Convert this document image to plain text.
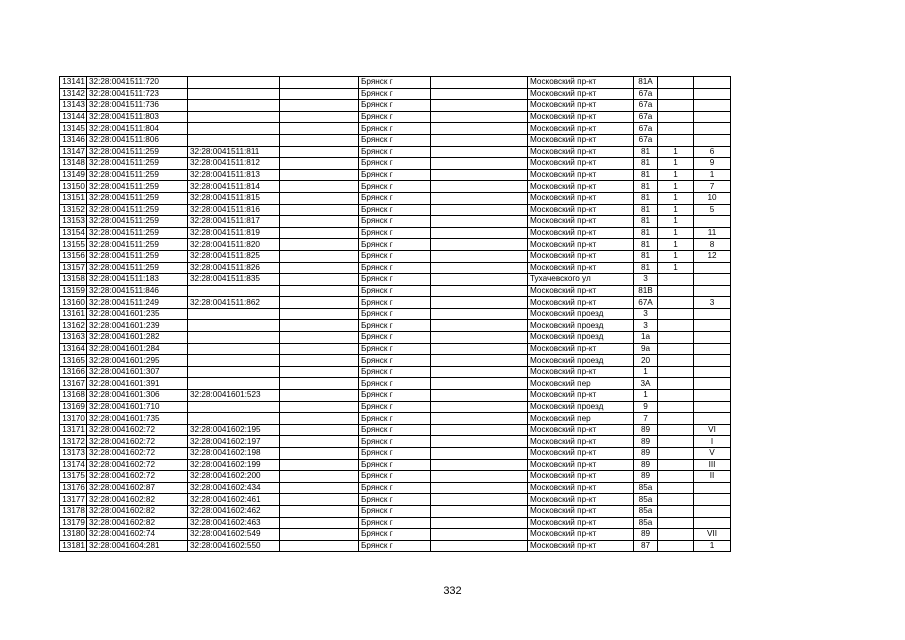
13141	32:28:0041511:720			Брянск г		Московский пр-кт	81А		
13142	32:28:0041511:723			Брянск г		Московский пр-кт	67а		
13143	32:28:0041511:736			Брянск г		Московский пр-кт	67а		
13144	32:28:0041511:803			Брянск г		Московский пр-кт	67а		
13145	32:28:0041511:804			Брянск г		Московский пр-кт	67а		
13146	32:28:0041511:806			Брянск г		Московский пр-кт	67а		
13147	32:28:0041511:259	32:28:0041511:811		Брянск г		Московский пр-кт	81	1	6
13148	32:28:0041511:259	32:28:0041511:812		Брянск г		Московский пр-кт	81	1	9
13149	32:28:0041511:259	32:28:0041511:813		Брянск г		Московский пр-кт	81	1	1
13150	32:28:0041511:259	32:28:0041511:814		Брянск г		Московский пр-кт	81	1	7
13151	32:28:0041511:259	32:28:0041511:815		Брянск г		Московский пр-кт	81	1	10
13152	32:28:0041511:259	32:28:0041511:816		Брянск г		Московский пр-кт	81	1	5
13153	32:28:0041511:259	32:28:0041511:817		Брянск г		Московский пр-кт	81	1	
13154	32:28:0041511:259	32:28:0041511:819		Брянск г		Московский пр-кт	81	1	11
13155	32:28:0041511:259	32:28:0041511:820		Брянск г		Московский пр-кт	81	1	8
13156	32:28:0041511:259	32:28:0041511:825		Брянск г		Московский пр-кт	81	1	12
13157	32:28:0041511:259	32:28:0041511:826		Брянск г		Московский пр-кт	81	1	
13158	32:28:0041511:183	32:28:0041511:835		Брянск г		Тухачевского ул	3		
13159	32:28:0041511:846			Брянск г		Московский пр-кт	81В		
13160	32:28:0041511:249	32:28:0041511:862		Брянск г		Московский пр-кт	67А		3
13161	32:28:0041601:235			Брянск г		Московский проезд	3		
13162	32:28:0041601:239			Брянск г		Московский проезд	3		
13163	32:28:0041601:282			Брянск г		Московский проезд	1а		
13164	32:28:0041601:284			Брянск г		Московский пр-кт	9а		
13165	32:28:0041601:295			Брянск г		Московский проезд	20		
13166	32:28:0041601:307			Брянск г		Московский пр-кт	1		
13167	32:28:0041601:391			Брянск г		Московский пер	3А		
13168	32:28:0041601:306	32:28:0041601:523		Брянск г		Московский пр-кт	1		
13169	32:28:0041601:710			Брянск г		Московский проезд	9		
13170	32:28:0041601:735			Брянск г		Московский пер	7		
13171	32:28:0041602:72	32:28:0041602:195		Брянск г		Московский пр-кт	89		VI
13172	32:28:0041602:72	32:28:0041602:197		Брянск г		Московский пр-кт	89		I
13173	32:28:0041602:72	32:28:0041602:198		Брянск г		Московский пр-кт	89		V
13174	32:28:0041602:72	32:28:0041602:199		Брянск г		Московский пр-кт	89		III
13175	32:28:0041602:72	32:28:0041602:200		Брянск г		Московский пр-кт	89		II
13176	32:28:0041602:87	32:28:0041602:434		Брянск г		Московский пр-кт	85а		
13177	32:28:0041602:82	32:28:0041602:461		Брянск г		Московский пр-кт	85а		
13178	32:28:0041602:82	32:28:0041602:462		Брянск г		Московский пр-кт	85а		
13179	32:28:0041602:82	32:28:0041602:463		Брянск г		Московский пр-кт	85а		
13180	32:28:0041602:74	32:28:0041602:549		Брянск г		Московский пр-кт	89		VII
13181	32:28:0041604:281	32:28:0041602:550		Брянск г		Московский пр-кт	87		1
332
